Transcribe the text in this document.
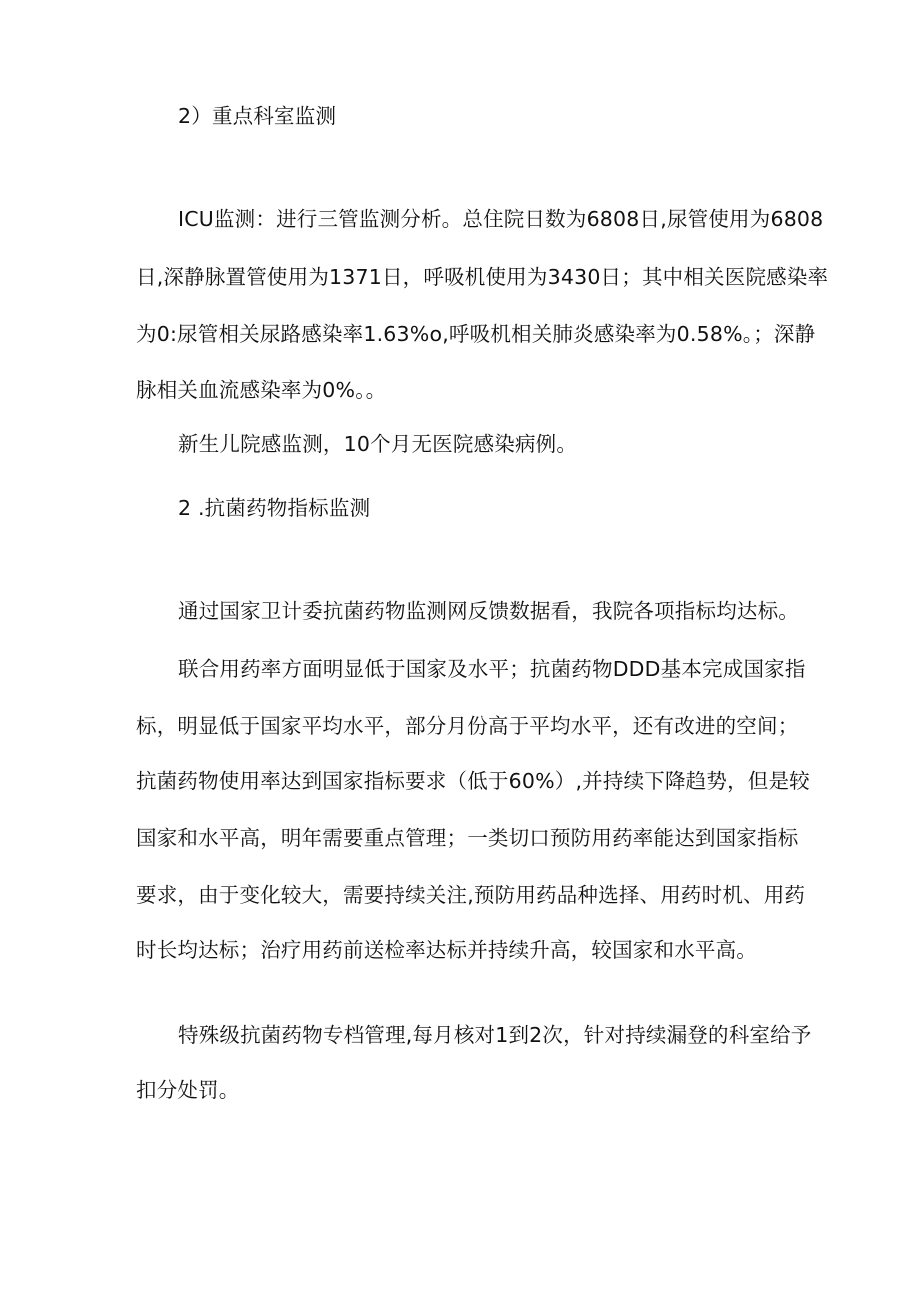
2）重点科室监测
ICU监测：进行三管监测分析。总住院日数为6808日,尿管使用为6808
日,深静脉置管使用为1371日，呼吸机使用为3430日；其中相关医院感染率
为0:尿管相关尿路感染率1.63%o,呼吸机相关肺炎感染率为0.58%。；深静
脉相关血流感染率为0%。。
新生儿院感监测，10个月无医院感染病例。
2 .抗菌药物指标监测
通过国家卫计委抗菌药物监测网反馈数据看，我院各项指标均达标。
联合用药率方面明显低于国家及水平；抗菌药物DDD基本完成国家指
标，明显低于国家平均水平，部分月份高于平均水平，还有改进的空间；
抗菌药物使用率达到国家指标要求（低于60%）,并持续下降趋势，但是较
国家和水平高，明年需要重点管理；一类切口预防用药率能达到国家指标
要求，由于变化较大，需要持续关注,预防用药品种选择、用药时机、用药
时长均达标；治疗用药前送检率达标并持续升高，较国家和水平高。
特殊级抗菌药物专档管理,每月核对1到2次，针对持续漏登的科室给予
扣分处罚。
